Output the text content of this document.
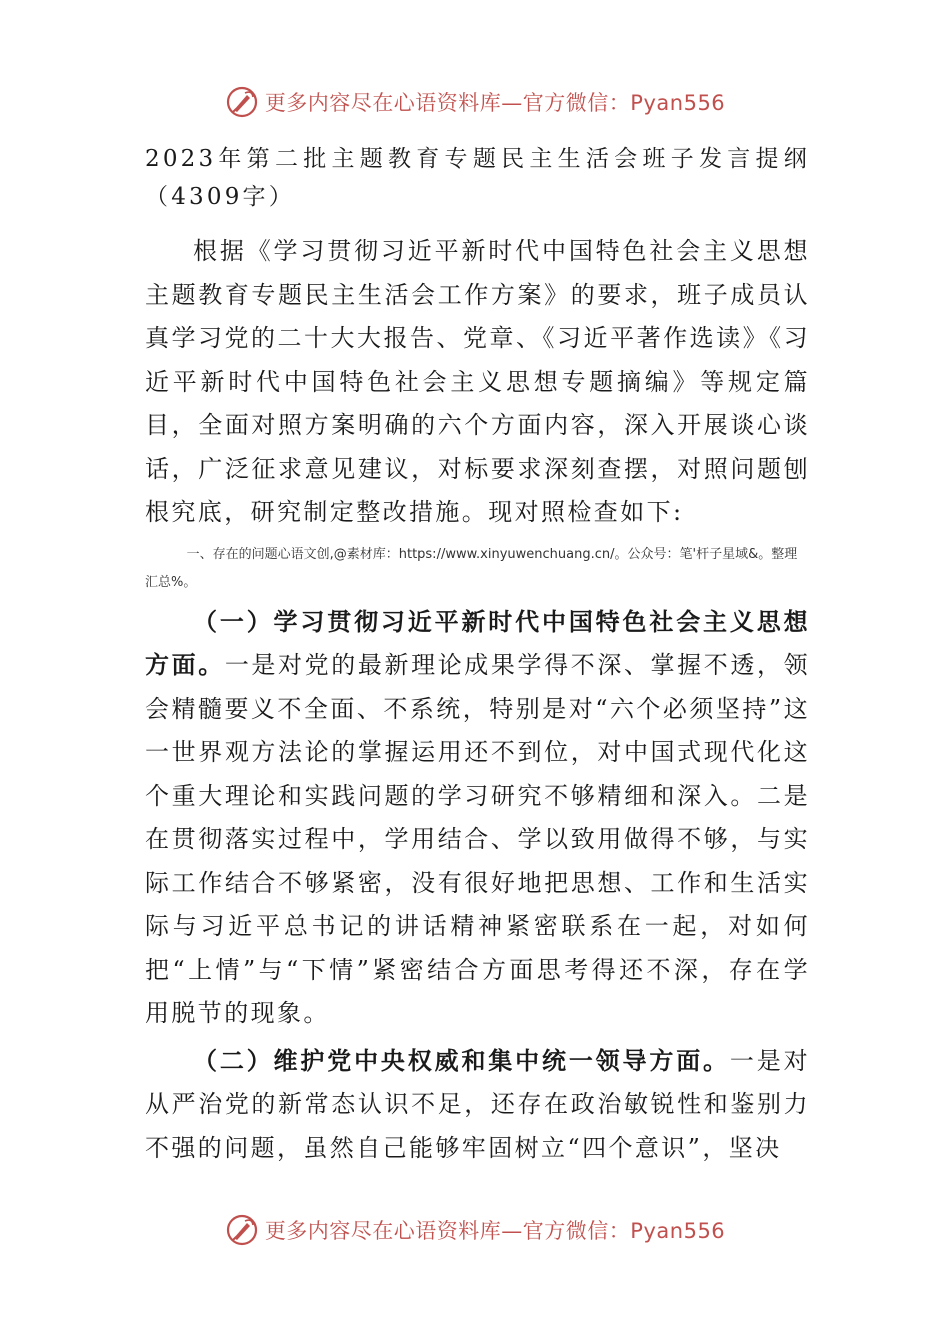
更多内容尽在心语资料库—官方微信：Pyan556

2023年第二批主题教育专题民主生活会班子发言提纲（4309字）

根据《学习贯彻习近平新时代中国特色社会主义思想主题教育专题民主生活会工作方案》的要求，班子成员认真学习党的二十大大报告、党章、《习近平著作选读》《习近平新时代中国特色社会主义思想专题摘编》等规定篇目，全面对照方案明确的六个方面内容，深入开展谈心谈话，广泛征求意见建议，对标要求深刻查摆，对照问题刨根究底，研究制定整改措施。现对照检查如下:

一、存在的问题心语文创,@素材库：https://www.xinyuwenchuang.cn/。公众号：笔'杆子星域&。整理汇总%。

（一）学习贯彻习近平新时代中国特色社会主义思想方面。一是对党的最新理论成果学得不深、掌握不透，领会精髓要义不全面、不系统，特别是对“六个必须坚持”这一世界观方法论的掌握运用还不到位，对中国式现代化这个重大理论和实践问题的学习研究不够精细和深入。二是在贯彻落实过程中，学用结合、学以致用做得不够，与实际工作结合不够紧密，没有很好地把思想、工作和生活实际与习近平总书记的讲话精神紧密联系在一起，对如何把“上情”与“下情”紧密结合方面思考得还不深，存在学用脱节的现象。

（二）维护党中央权威和集中统一领导方面。一是对从严治党的新常态认识不足，还存在政治敏锐性和鉴别力不强的问题，虽然自己能够牢固树立“四个意识”，坚决

更多内容尽在心语资料库—官方微信：Pyan556
